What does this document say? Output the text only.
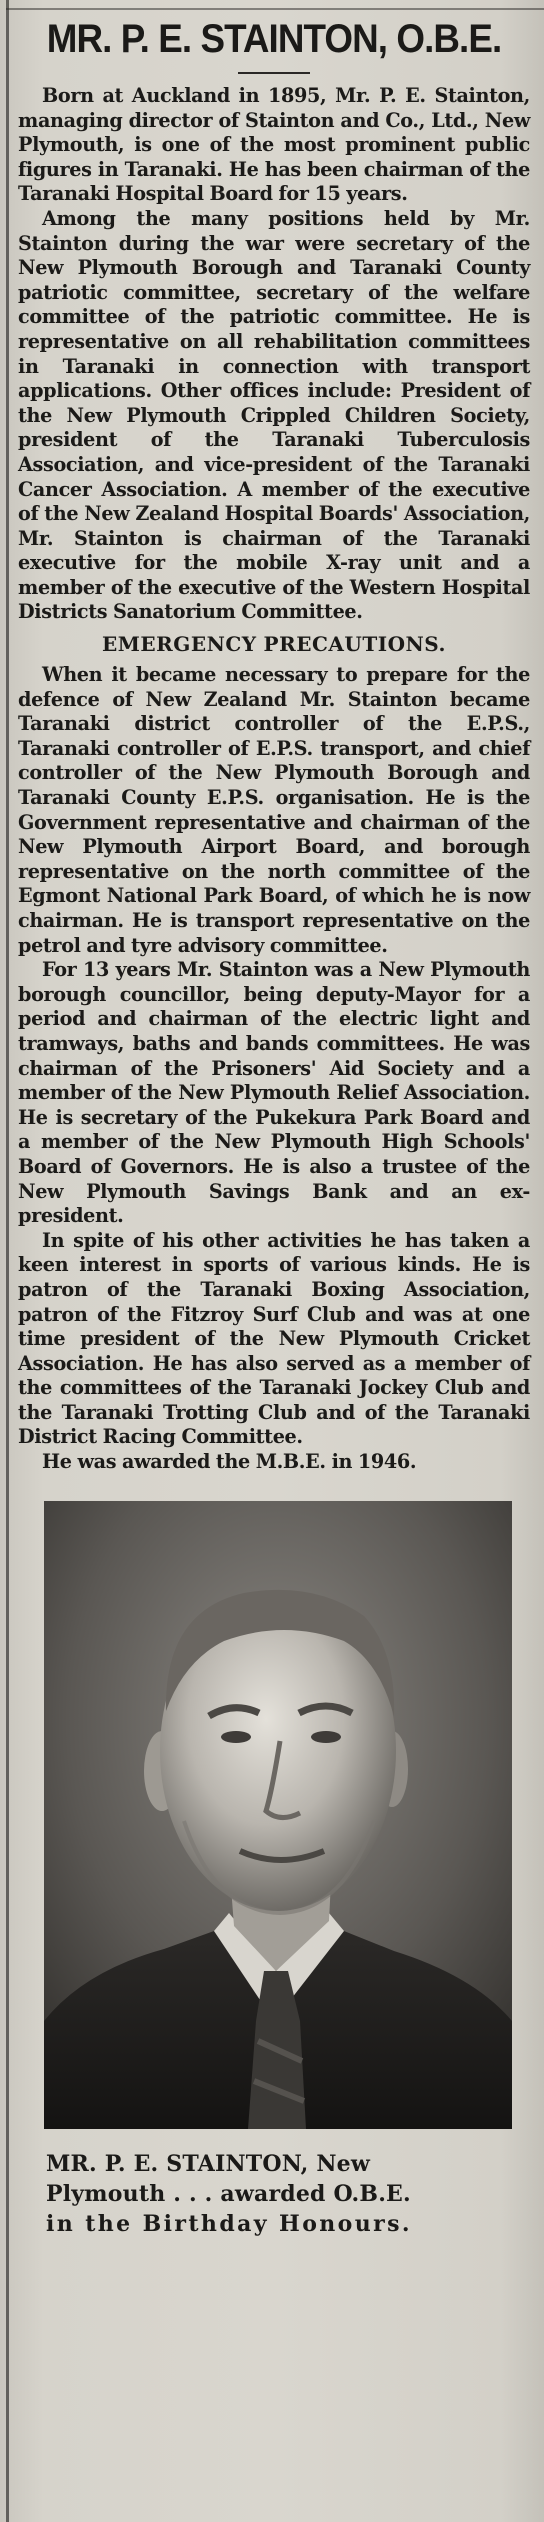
MR. P. E. STAINTON, O.B.E.

Born at Auckland in 1895, Mr. P. E. Stainton, managing director of Stainton and Co., Ltd., New Plymouth, is one of the most prominent public figures in Taranaki. He has been chairman of the Taranaki Hospital Board for 15 years.

Among the many positions held by Mr. Stainton during the war were secretary of the New Plymouth Borough and Taranaki County patriotic committee, secretary of the welfare committee of the patriotic committee. He is representative on all rehabilitation committees in Taranaki in connection with transport applications. Other offices include: President of the New Plymouth Crippled Children Society, president of the Taranaki Tuberculosis Association, and vice-president of the Taranaki Cancer Association. A member of the executive of the New Zealand Hospital Boards' Association, Mr. Stainton is chairman of the Taranaki executive for the mobile X-ray unit and a member of the executive of the Western Hospital Districts Sanatorium Committee.

EMERGENCY PRECAUTIONS.

When it became necessary to prepare for the defence of New Zealand Mr. Stainton became Taranaki district controller of the E.P.S., Taranaki controller of E.P.S. transport, and chief controller of the New Plymouth Borough and Taranaki County E.P.S. organisation. He is the Government representative and chairman of the New Plymouth Airport Board, and borough representative on the north committee of the Egmont National Park Board, of which he is now chairman. He is transport representative on the petrol and tyre advisory committee.

For 13 years Mr. Stainton was a New Plymouth borough councillor, being deputy-Mayor for a period and chairman of the electric light and tramways, baths and bands committees. He was chairman of the Prisoners' Aid Society and a member of the New Plymouth Relief Association. He is secretary of the Pukekura Park Board and a member of the New Plymouth High Schools' Board of Governors. He is also a trustee of the New Plymouth Savings Bank and an ex-president.

In spite of his other activities he has taken a keen interest in sports of various kinds. He is patron of the Taranaki Boxing Association, patron of the Fitzroy Surf Club and was at one time president of the New Plymouth Cricket Association. He has also served as a member of the committees of the Taranaki Jockey Club and the Taranaki Trotting Club and of the Taranaki District Racing Committee.

He was awarded the M.B.E. in 1946.

MR. P. E. STAINTON, New
Plymouth . . . awarded O.B.E.
in the Birthday Honours.
